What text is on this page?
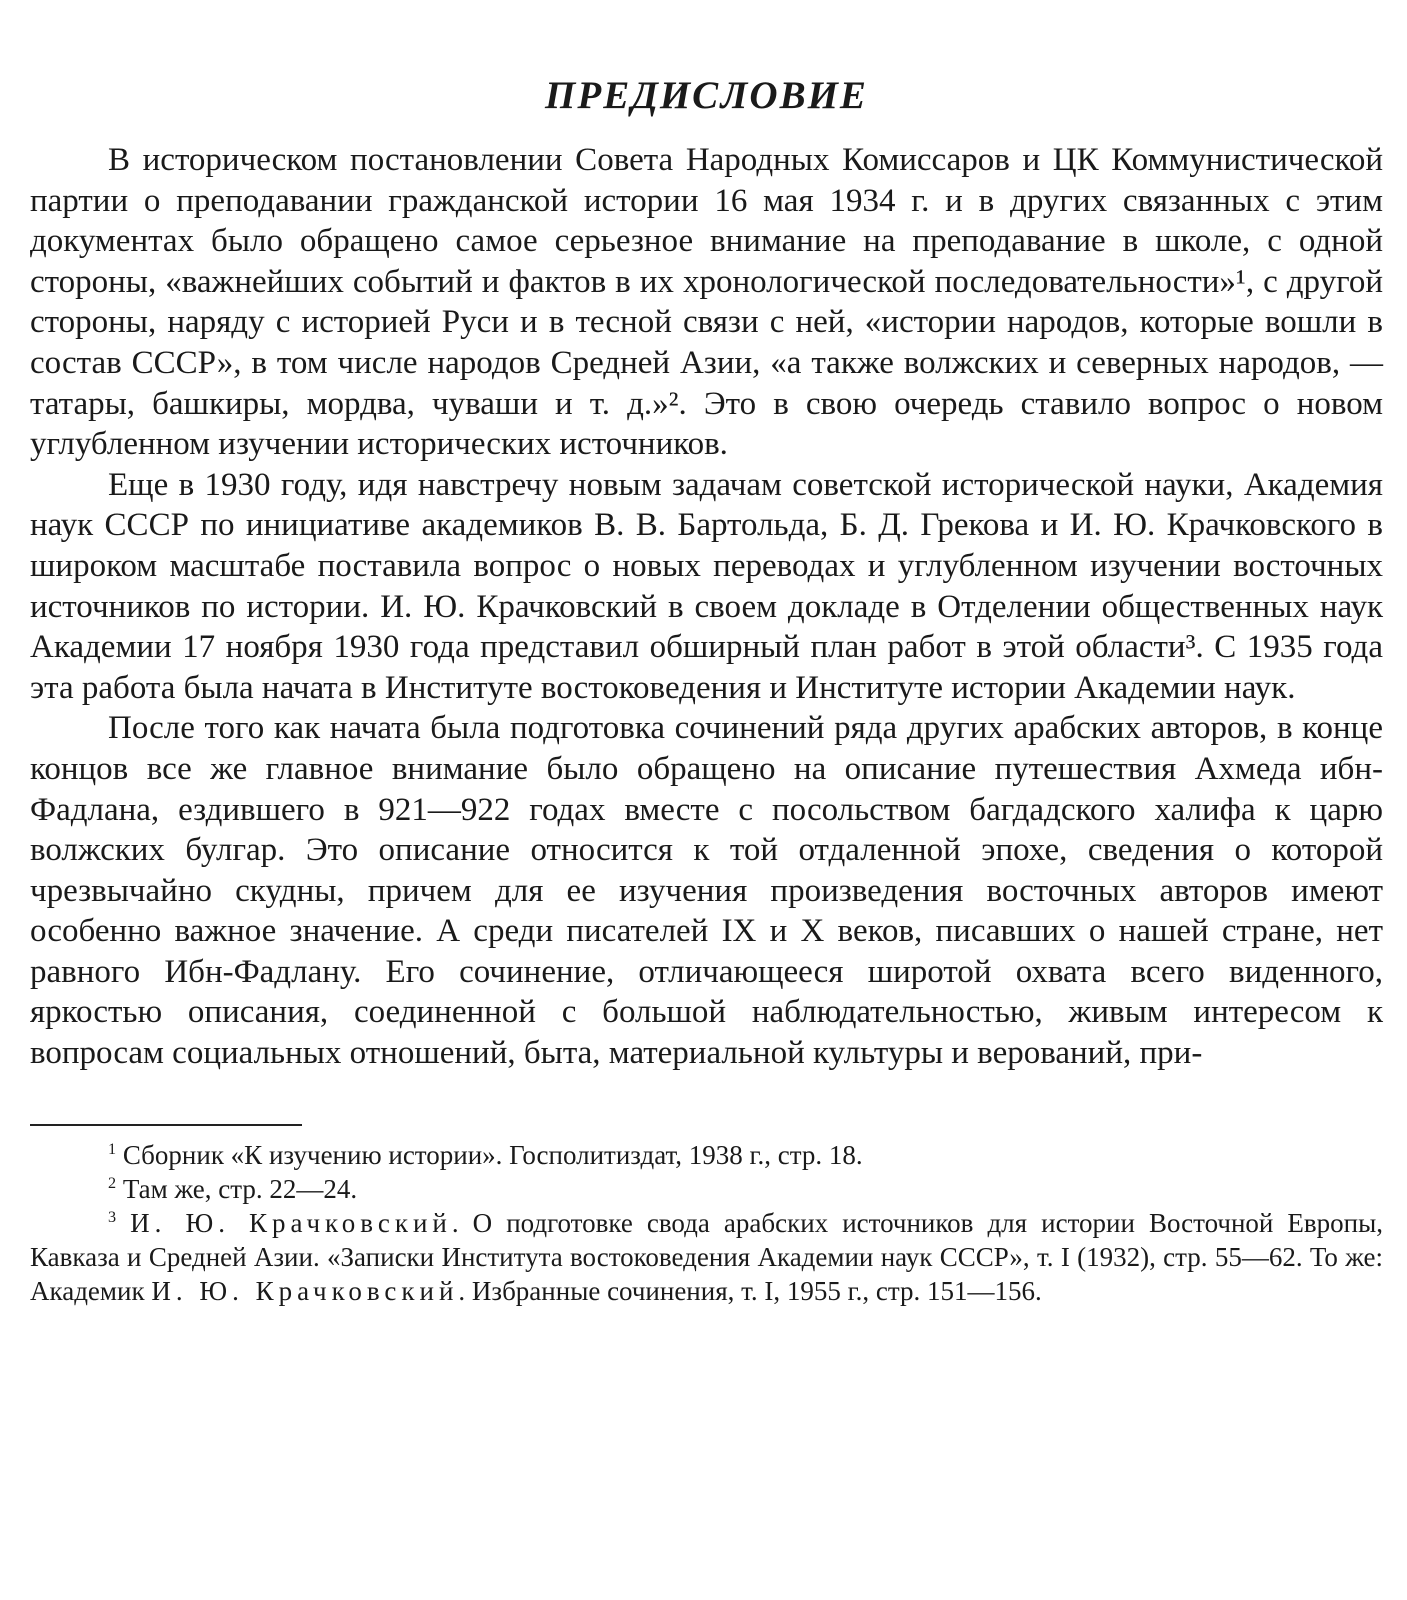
ПРЕДИСЛОВИЕ

В историческом постановлении Совета Народных Комиссаров и ЦК Коммунистической партии о преподавании гражданской истории 16 мая 1934 г. и в других связанных с этим документах было обращено самое серьезное внимание на преподавание в школе, с одной стороны, «важнейших событий и фактов в их хронологической последовательности»¹, с другой стороны, наряду с историей Руси и в тесной связи с ней, «истории народов, которые вошли в состав СССР», в том числе народов Средней Азии, «а также волжских и северных народов, — татары, башкиры, мордва, чуваши и т. д.»². Это в свою очередь ставило вопрос о новом углубленном изучении исторических источников.

Еще в 1930 году, идя навстречу новым задачам советской исторической науки, Академия наук СССР по инициативе академиков В. В. Бартольда, Б. Д. Грекова и И. Ю. Крачковского в широком масштабе поставила вопрос о новых переводах и углубленном изучении восточных источников по истории. И. Ю. Крачковский в своем докладе в Отделении общественных наук Академии 17 ноября 1930 года представил обширный план работ в этой области³. С 1935 года эта работа была начата в Институте востоковедения и Институте истории Академии наук.

После того как начата была подготовка сочинений ряда других арабских авторов, в конце концов все же главное внимание было обращено на описание путешествия Ахмеда ибн-Фадлана, ездившего в 921—922 годах вместе с посольством багдадского халифа к царю волжских булгар. Это описание относится к той отдаленной эпохе, сведения о которой чрезвычайно скудны, причем для ее изучения произведения восточных авторов имеют особенно важное значение. А среди писателей IX и X веков, писавших о нашей стране, нет равного Ибн-Фадлану. Его сочинение, отличающееся широтой охвата всего виденного, яркостью описания, соединенной с большой наблюдательностью, живым интересом к вопросам социальных отношений, быта, материальной культуры и верований, при-

$^1$ Сборник «К изучению истории». Госполитиздат, 1938 г., стр. 18.

$^2$ Там же, стр. 22—24.

$^3$ И. Ю. Крачковский. О подготовке свода арабских источников для истории Восточной Европы, Кавказа и Средней Азии. «Записки Института востоковедения Академии наук СССР», т. I (1932), стр. 55—62. То же: Академик И. Ю. Крачковский. Избранные сочинения, т. I, 1955 г., стр. 151—156.
